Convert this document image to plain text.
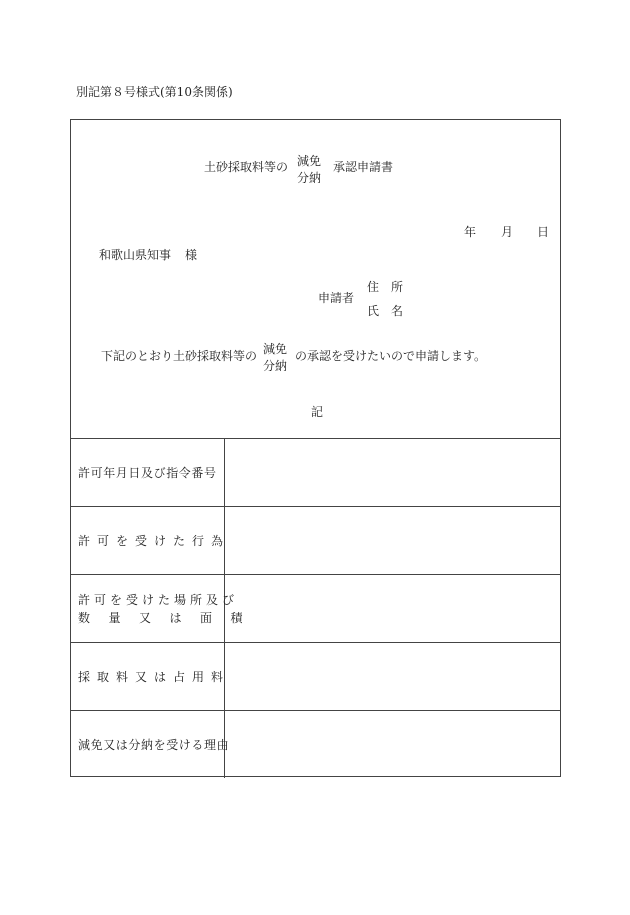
別記第８号様式(第10条関係)
土砂採取料等の 減免
分納
承認申請書
年 月 日
和歌山県知事 様
申請者
住 所
氏 名
下記のとおり土砂採取料等の 減免
分納
の承認を受けたいので申請します。
記
許可年月日及び指令番号
許可を受けた行為
許可を受けた場所及び
数量又は面積
採取料又は占用料
減免又は分納を受ける理由
